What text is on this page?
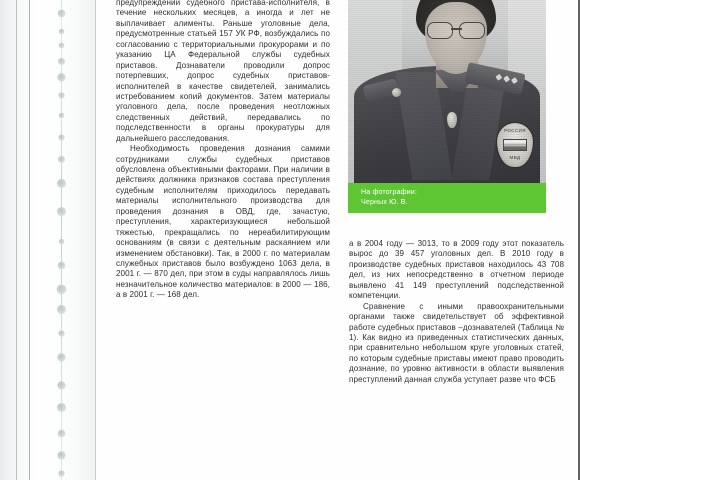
РОССИЯ
МВД
На фотографии:
Черных Ю. В.

предупреждении судебного пристава-исполнителя, в течение нескольких месяцев, а иногда и лет не выплачивает алименты. Раньше уголовные дела, предусмотренные статьей 157 УК РФ, возбуждались по согласованию с территориальными прокурорами и по указанию ЦА Федеральной службы судебных приставов. Дознаватели проводили допрос потерпевших, допрос судебных приставов-исполнителей в качестве свидетелей, занимались истребованием копий документов. Затем материалы уголовного дела, после проведения неотложных следственных действий, передавались по подследственности в органы прокуратуры для дальнейшего расследования.

Необходимость проведения дознания самими сотрудниками службы судебных приставов обусловлена объективными факторами. При наличии в действиях должника признаков состава преступления судебным исполнителям приходилось передавать материалы исполнительного производства для проведения дознания в ОВД, где, зачастую, преступления, характеризующиеся небольшой тяжестью, прекращались по нереабилитирующим основаниям (в связи с деятельным раскаянием или изменением обстановки). Так, в 2000 г. по материалам служебных приставов было возбуждено 1063 дела, в 2001 г. — 870 дел, при этом в суды направлялось лишь незначительное количество материалов: в 2000 — 186, а в 2001 г. — 168 дел.

а в 2004 году — 3013, то в 2009 году этот показатель вырос до 39 457 уголовных дел. В 2010 году в производстве судебных приставов находилось 43 708 дел, из них непосредственно в отчетном периоде выявлено 41 149 преступлений подследственной компетенции.

Сравнение с иными правоохранительными органами также свидетельствует об эффективной работе судебных приставов –дознавателей (Таблица № 1). Как видно из приведенных статистических данных, при сравнительно небольшом круге уголовных статей, по которым судебные приставы имеют право проводить дознание, по уровню активности в области выявления преступлений данная служба уступает разве что ФСБ
